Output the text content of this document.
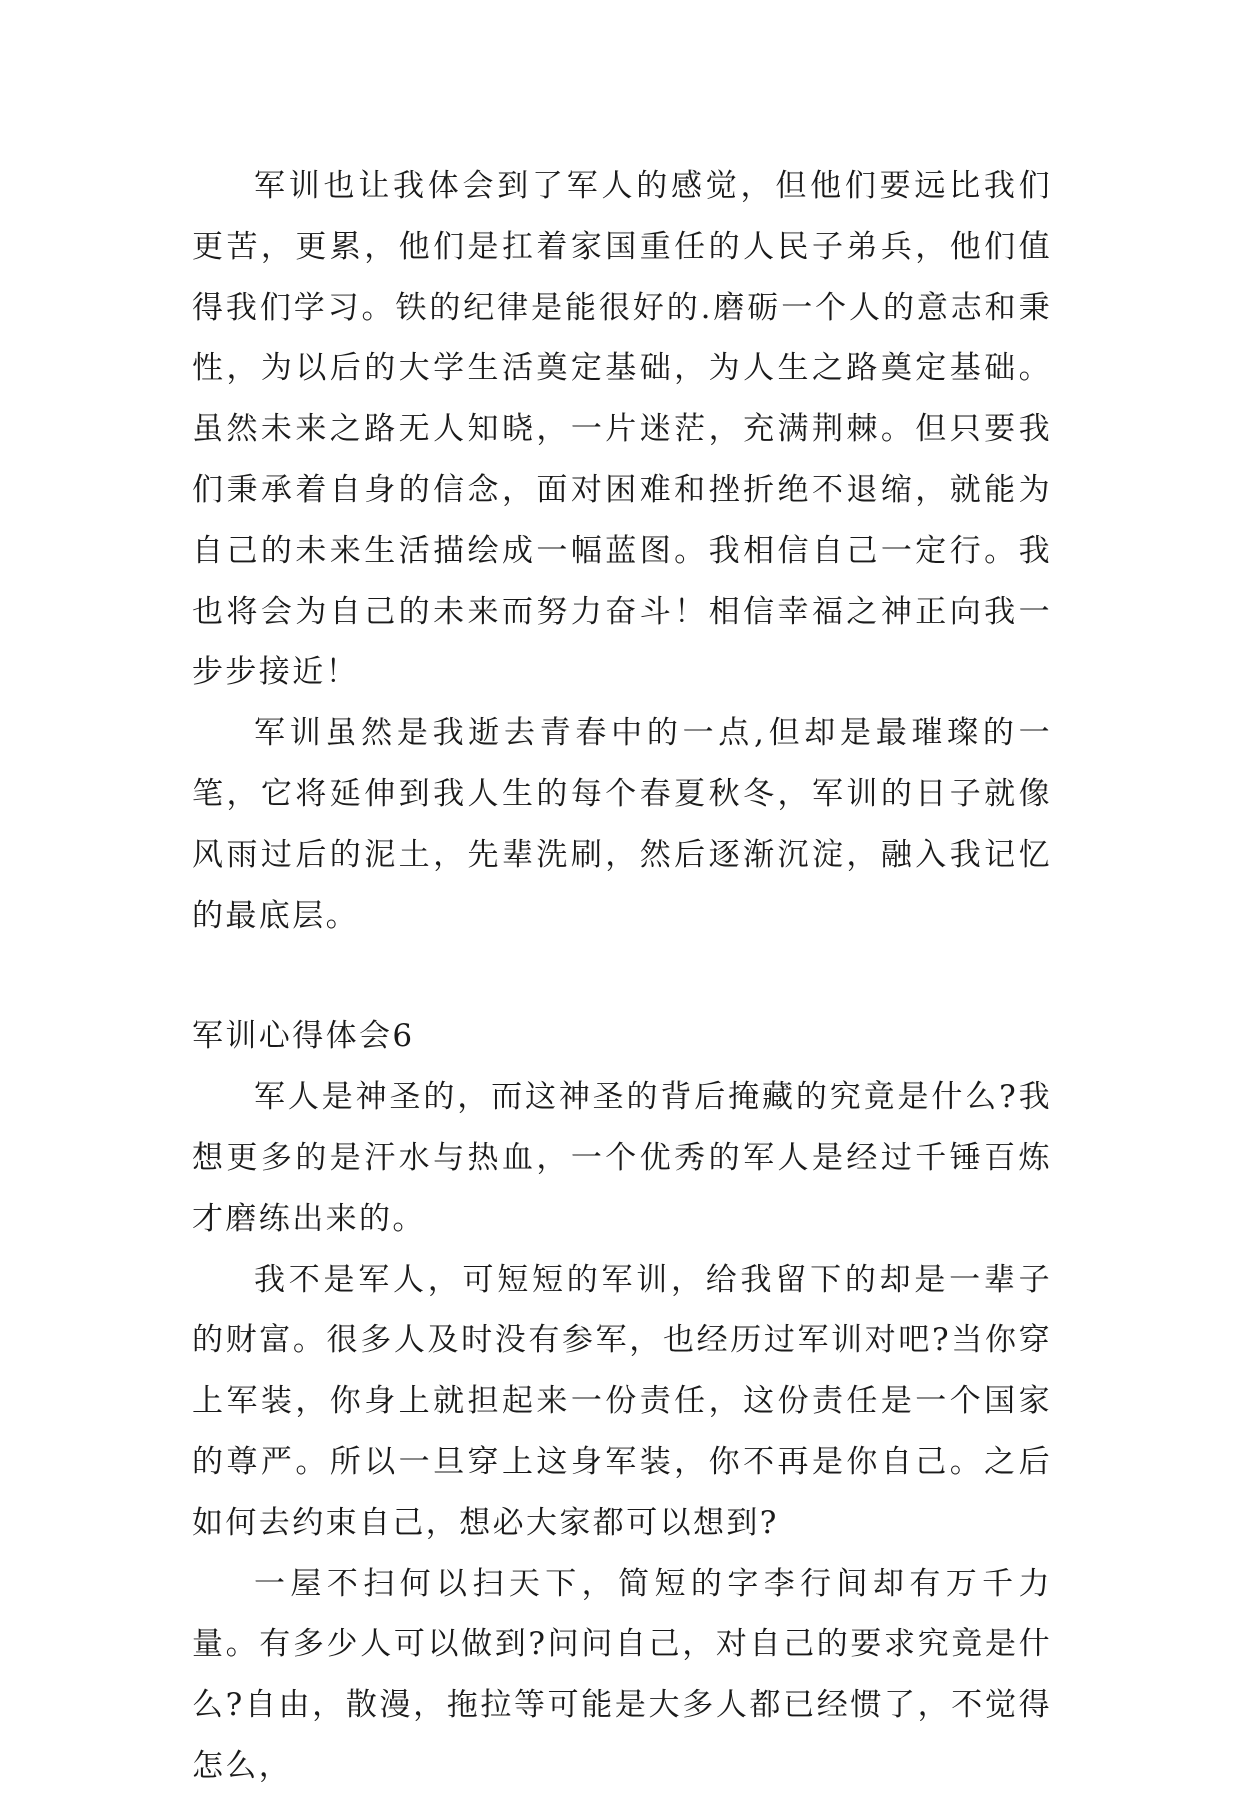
军训也让我体会到了军人的感觉，但他们要远比我们更苦，更累，他们是扛着家国重任的人民子弟兵，他们值得我们学习。铁的纪律是能很好的.磨砺一个人的意志和秉性，为以后的大学生活奠定基础，为人生之路奠定基础。虽然未来之路无人知晓，一片迷茫，充满荆棘。但只要我们秉承着自身的信念，面对困难和挫折绝不退缩，就能为自己的未来生活描绘成一幅蓝图。我相信自己一定行。我也将会为自己的未来而努力奋斗！相信幸福之神正向我一步步接近！

军训虽然是我逝去青春中的一点,但却是最璀璨的一笔，它将延伸到我人生的每个春夏秋冬，军训的日子就像风雨过后的泥土，先辈洗刷，然后逐渐沉淀，融入我记忆的最底层。

军训心得体会6

军人是神圣的，而这神圣的背后掩藏的究竟是什么?我想更多的是汗水与热血，一个优秀的军人是经过千锤百炼才磨练出来的。

我不是军人，可短短的军训，给我留下的却是一辈子的财富。很多人及时没有参军，也经历过军训对吧?当你穿上军装，你身上就担起来一份责任，这份责任是一个国家的尊严。所以一旦穿上这身军装，你不再是你自己。之后如何去约束自己，想必大家都可以想到?

一屋不扫何以扫天下，简短的字李行间却有万千力量。有多少人可以做到?问问自己，对自己的要求究竟是什么?自由，散漫，拖拉等可能是大多人都已经惯了，不觉得怎么，
